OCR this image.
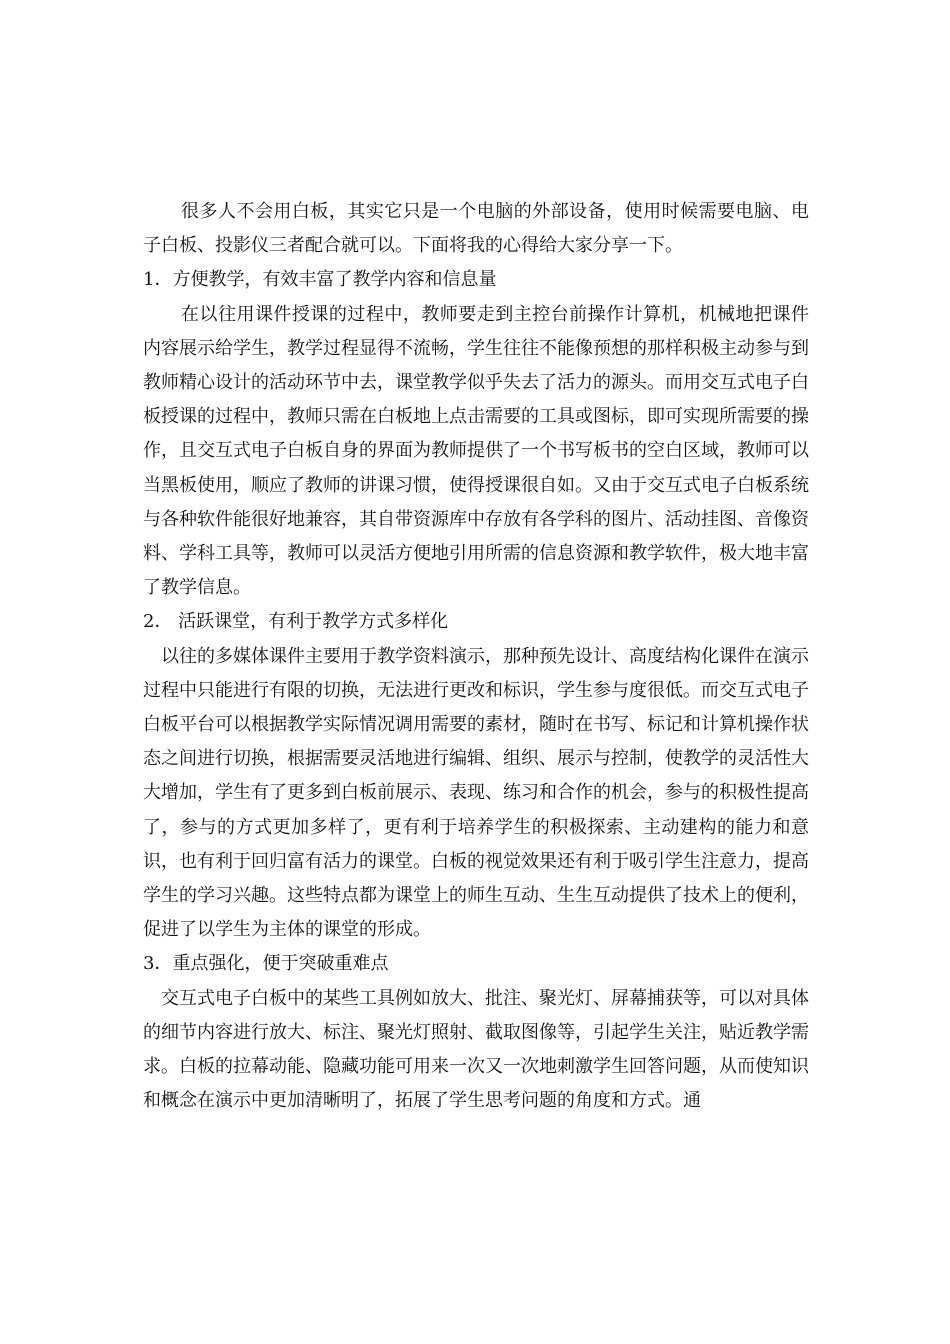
很多人不会用白板，其实它只是一个电脑的外部设备，使用时候需要电脑、电子白板、投影仪三者配合就可以。下面将我的心得给大家分享一下。

1．方便教学，有效丰富了教学内容和信息量

在以往用课件授课的过程中，教师要走到主控台前操作计算机，机械地把课件内容展示给学生，教学过程显得不流畅，学生往往不能像预想的那样积极主动参与到教师精心设计的活动环节中去，课堂教学似乎失去了活力的源头。而用交互式电子白板授课的过程中，教师只需在白板地上点击需要的工具或图标，即可实现所需要的操作，且交互式电子白板自身的界面为教师提供了一个书写板书的空白区域，教师可以当黑板使用，顺应了教师的讲课习惯，使得授课很自如。又由于交互式电子白板系统与各种软件能很好地兼容，其自带资源库中存放有各学科的图片、活动挂图、音像资料、学科工具等，教师可以灵活方便地引用所需的信息资源和教学软件，极大地丰富了教学信息。

2． 活跃课堂，有利于教学方式多样化

以往的多媒体课件主要用于教学资料演示，那种预先设计、高度结构化课件在演示过程中只能进行有限的切换，无法进行更改和标识，学生参与度很低。而交互式电子白板平台可以根据教学实际情况调用需要的素材，随时在书写、标记和计算机操作状态之间进行切换，根据需要灵活地进行编辑、组织、展示与控制，使教学的灵活性大大增加，学生有了更多到白板前展示、表现、练习和合作的机会，参与的积极性提高了，参与的方式更加多样了，更有利于培养学生的积极探索、主动建构的能力和意识，也有利于回归富有活力的课堂。白板的视觉效果还有利于吸引学生注意力，提高学生的学习兴趣。这些特点都为课堂上的师生互动、生生互动提供了技术上的便利，促进了以学生为主体的课堂的形成。

3．重点强化，便于突破重难点

交互式电子白板中的某些工具例如放大、批注、聚光灯、屏幕捕获等，可以对具体的细节内容进行放大、标注、聚光灯照射、截取图像等，引起学生关注，贴近教学需求。白板的拉幕动能、隐藏功能可用来一次又一次地刺激学生回答问题，从而使知识和概念在演示中更加清晰明了，拓展了学生思考问题的角度和方式。通
